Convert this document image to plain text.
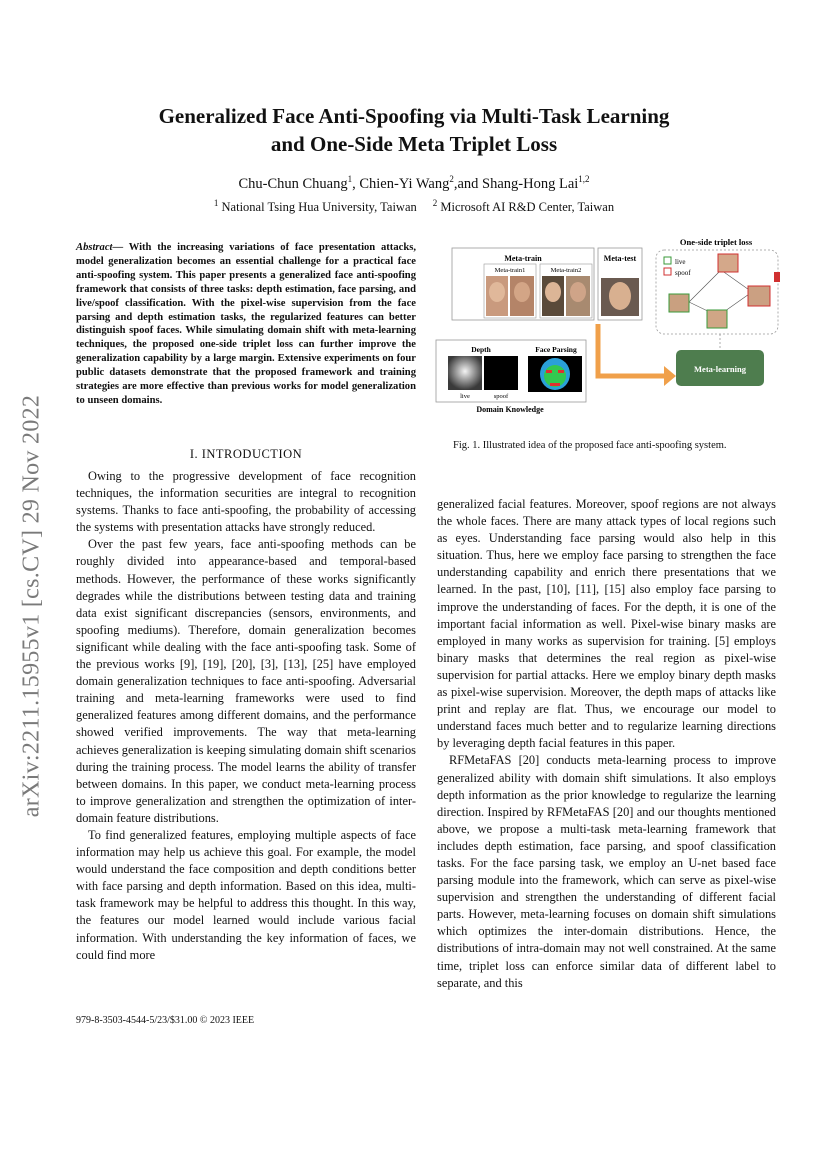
arXiv:2211.15955v1 [cs.CV] 29 Nov 2022
Generalized Face Anti-Spoofing via Multi-Task Learning
and One-Side Meta Triplet Loss
Chu-Chun Chuang$^1$, Chien-Yi Wang$^2$,and Shang-Hong Lai$^{1,2}$
$^1$ National Tsing Hua University, Taiwan $^2$ Microsoft AI R&D Center, Taiwan
Abstract— With the increasing variations of face presentation attacks, model generalization becomes an essential challenge for a practical face anti-spoofing system. This paper presents a generalized face anti-spoofing framework that consists of three tasks: depth estimation, face parsing, and live/spoof classification. With the pixel-wise supervision from the face parsing and depth estimation tasks, the regularized features can better distinguish spoof faces. While simulating domain shift with meta-learning techniques, the proposed one-side triplet loss can further improve the generalization capability by a large margin. Extensive experiments on four public datasets demonstrate that the proposed framework and training strategies are more effective than previous works for model generalization to unseen domains.
I. INTRODUCTION

Owing to the progressive development of face recognition techniques, the information securities are integral to recognition systems. Thanks to face anti-spoofing, the probability of accessing the systems with presentation attacks have strongly reduced.

Over the past few years, face anti-spoofing methods can be roughly divided into appearance-based and temporal-based methods. However, the performance of these works significantly degrades while the distributions between testing data and training data exist significant discrepancies (sensors, environments, and spoofing mediums). Therefore, domain generalization becomes significant while dealing with the face anti-spoofing task. Some of the previous works [9], [19], [20], [3], [13], [25] have employed domain generalization techniques to face anti-spoofing. Adversarial training and meta-learning frameworks were used to find generalized features among different domains, and the performance showed verified improvements. The way that meta-learning achieves generalization is keeping simulating domain shift scenarios during the training process. The model learns the ability of transfer between domains. In this paper, we conduct meta-learning process to improve generalization and strengthen the optimization of inter-domain feature distributions.

To find generalized features, employing multiple aspects of face information may help us achieve this goal. For example, the model would understand the face composition and depth conditions better with face parsing and depth information. Based on this idea, multi-task framework may be helpful to address this thought. In this way, the features our model learned would include various facial information. With understanding the key information of faces, we could find more

generalized facial features. Moreover, spoof regions are not always the whole faces. There are many attack types of local regions such as eyes. Understanding face parsing would also help in this situation. Thus, here we employ face parsing to strengthen the face understanding capability and enrich there presentations that we learned. In the past, [10], [11], [15] also employ face parsing to improve the understanding of faces. For the depth, it is one of the important facial information as well. Pixel-wise binary masks are employed in many works as supervision for training. [5] employs binary masks that determines the real region as pixel-wise supervision for partial attacks. Here we employ binary depth masks as pixel-wise supervision. Moreover, the depth maps of attacks like print and replay are flat. Thus, we encourage our model to understand faces much better and to regularize learning directions by leveraging depth facial features in this paper.

RFMetaFAS [20] conducts meta-learning process to improve generalized ability with domain shift simulations. It also employs depth information as the prior knowledge to regularize the learning direction. Inspired by RFMetaFAS [20] and our thoughts mentioned above, we propose a multi-task meta-learning framework that includes depth estimation, face parsing, and spoof classification tasks. For the face parsing task, we employ an U-net based face parsing module into the framework, which can serve as pixel-wise supervision and strengthen the understanding of different facial parts. However, meta-learning focuses on domain shift simulations which optimizes the inter-domain distributions. Hence, the distributions of intra-domain may not well constrained. At the same time, triplet loss can enforce similar data of different label to separate, and this

979-8-3503-4544-5/23/$31.00 © 2023 IEEE
Meta-train
Meta-train1	Meta-train2
Meta-test
One-side triplet loss
live
spoof
Depth	Face Parsing
live	spoof
Domain Knowledge
Meta-learning
Fig. 1. Illustrated idea of the proposed face anti-spoofing system.
